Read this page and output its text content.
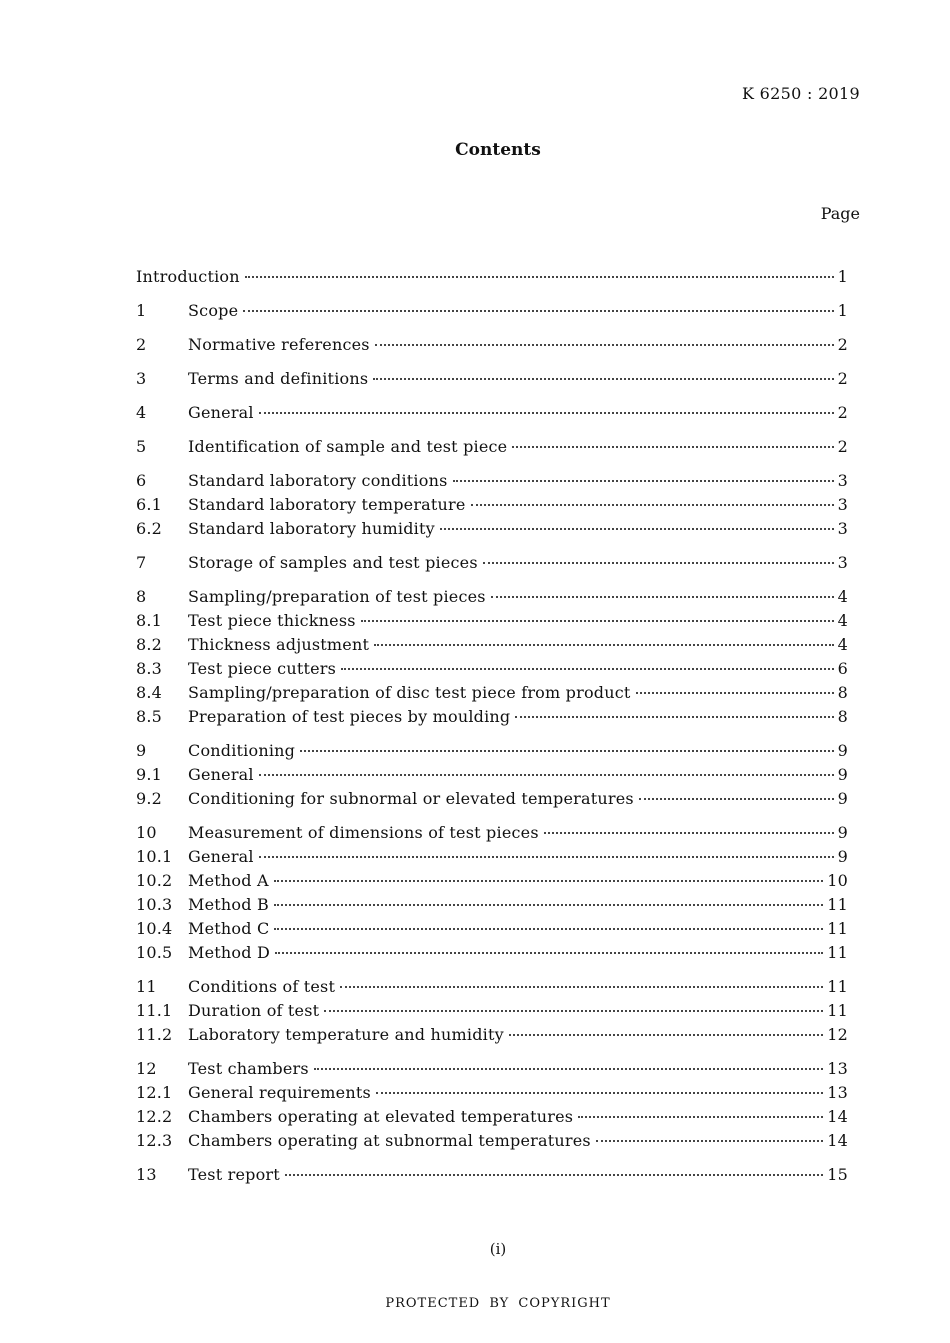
K 6250 : 2019
Contents
Page
Introduction	1
1	Scope	1
2	Normative references	2
3	Terms and definitions	2
4	General	2
5	Identification of sample and test piece	2
6	Standard laboratory conditions	3
6.1	Standard laboratory temperature	3
6.2	Standard laboratory humidity	3
7	Storage of samples and test pieces	3
8	Sampling/preparation of test pieces	4
8.1	Test piece thickness	4
8.2	Thickness adjustment	4
8.3	Test piece cutters	6
8.4	Sampling/preparation of disc test piece from product	8
8.5	Preparation of test pieces by moulding	8
9	Conditioning	9
9.1	General	9
9.2	Conditioning for subnormal or elevated temperatures	9
10	Measurement of dimensions of test pieces	9
10.1 General	9
10.2 Method A	10
10.3 Method B	11
10.4 Method C	11
10.5 Method D	11
11	Conditions of test	11
11.1 Duration of test	11
11.2 Laboratory temperature and humidity	12
12	Test chambers	13
12.1 General requirements	13
12.2 Chambers operating at elevated temperatures	14
12.3 Chambers operating at subnormal temperatures	14
13	Test report	15
(i)
PROTECTED BY COPYRIGHT
